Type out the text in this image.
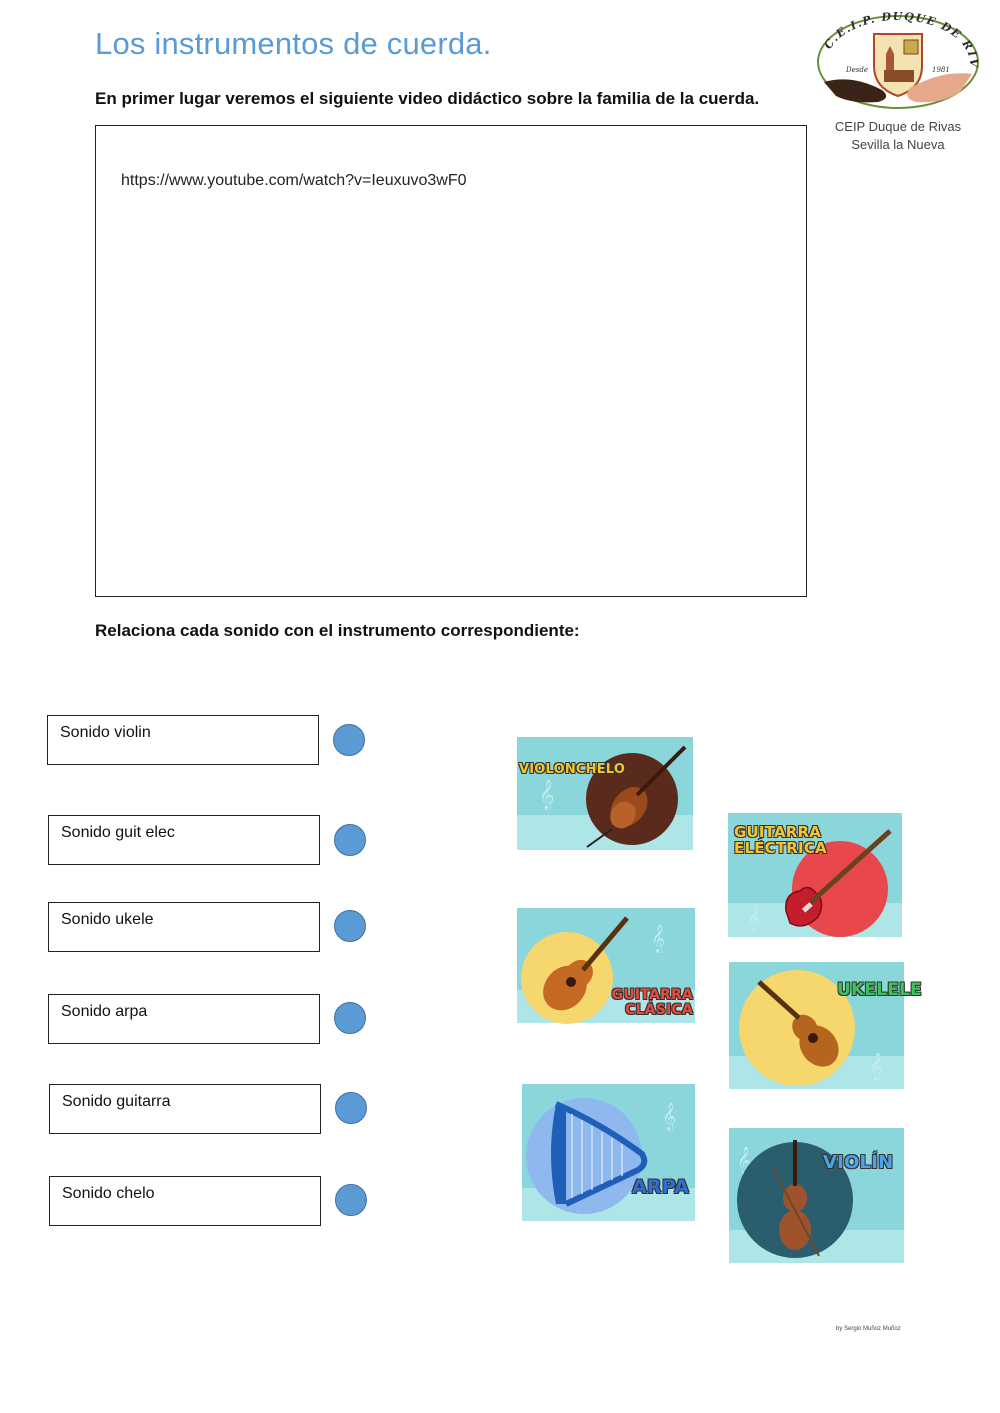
Los instrumentos de cuerda.	C.E.I.P. DUQUE DE RIV
Desde	1981
CEIP Duque de Rivas
Sevilla la Nueva

En primer lugar veremos el siguiente video didáctico sobre la familia de la cuerda.

https://www.youtube.com/watch?v=Ieuxuvo3wF0

Relaciona cada sonido con el instrumento correspondiente:

Sonido violin
Sonido guit elec
Sonido ukele
Sonido arpa
Sonido guitarra
Sonido chelo
𝄞
VIOLONCHELO
GUITARRA
ELÉCTRICA
𝄞
GUITARRA
CLÁSICA
UKELELE
𝄞
ARPA
𝄞	VIOLÍN
by Sergio Muñoz Muñoz
